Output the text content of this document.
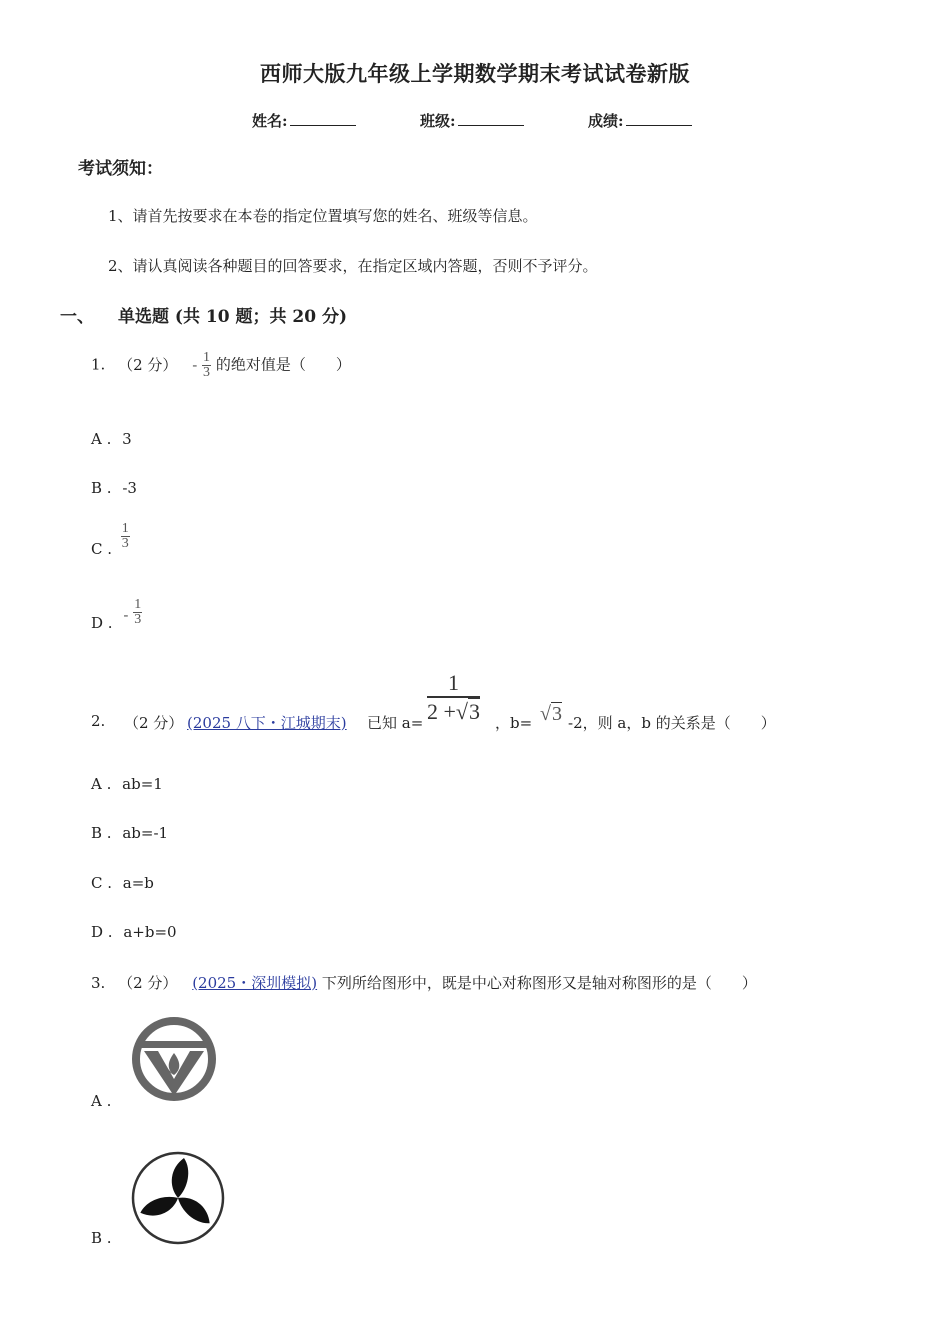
西师大版九年级上学期数学期末考试试卷新版
姓名:	班级:	成绩:
考试须知：
1、请首先按要求在本卷的指定位置填写您的姓名、班级等信息。
2、请认真阅读各种题目的回答要求，在指定区域内答题，否则不予评分。
一、 单选题 (共 10 题；共 20 分)
1. （2 分） - $\frac{1}{3}$ 的绝对值是（　　）
A . 3
B . -3
C . $\frac{1}{3}$
D . - $\frac{1}{3}$
2. （2 分） (2025 八下・江城期末) 已知 $a= \frac{1}{2 +√3}$ ，b= √3 -2，则 a，b 的关系是（　　）
A . ab=1
B . ab=-1
C . a=b
D . a+b=0
3. （2 分） (2025・深圳模拟) 下列所给图形中，既是中心对称图形又是轴对称图形的是（　　）
A .
B .
